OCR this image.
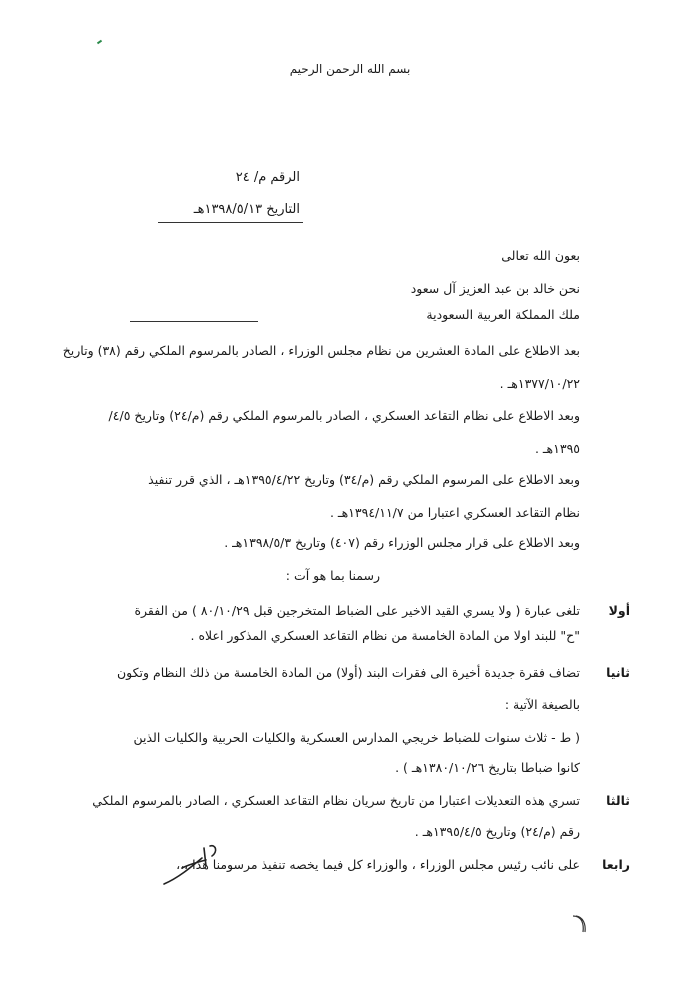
بسم الله الرحمن الرحيم
الرقم م/ ٢٤
التاريخ ١٣٩٨/٥/١٣هـ
بعون الله تعالى
نحن خالد بن عبد العزيز آل سعود
ملك المملكة العربية السعودية
بعد الاطلاع على المادة العشرين من نظام مجلس الوزراء ، الصادر بالمرسوم الملكي رقم (٣٨) وتاريخ
١٣٧٧/١٠/٢٢هـ .
وبعد الاطلاع على نظام التقاعد العسكري ، الصادر بالمرسوم الملكي رقم (م/٢٤) وتاريخ ٤/٥/
١٣٩٥هـ .
وبعد الاطلاع على المرسوم الملكي رقم (م/٣٤) وتاريخ ١٣٩٥/٤/٢٢هـ ، الذي قرر تنفيذ
نظام التقاعد العسكري اعتبارا من ١٣٩٤/١١/٧هـ .
وبعد الاطلاع على قرار مجلس الوزراء رقم (٤٠٧) وتاريخ ١٣٩٨/٥/٣هـ .
رسمنا بما هو آت :
أولا
تلغى عبارة ( ولا يسري القيد الاخير على الضباط المتخرجين قبل ٨٠/١٠/٢٩ ) من الفقرة
"ح" للبند اولا من المادة الخامسة من نظام التقاعد العسكري المذكور اعلاه .
ثانيا
تضاف فقرة جديدة أخيرة الى فقرات البند (أولا) من المادة الخامسة من ذلك النظام وتكون
بالصيغة الآتية :
( ط - ثلاث سنوات للضباط خريجي المدارس العسكرية والكليات الحربية والكليات الذين
كانوا ضباطا بتاريخ ١٣٨٠/١٠/٢٦هـ ) .
ثالثا
تسري هذه التعديلات اعتبارا من تاريخ سريان نظام التقاعد العسكري ، الصادر بالمرسوم الملكي
رقم (م/٢٤) وتاريخ ١٣٩٥/٤/٥هـ .
رابعا
على نائب رئيس مجلس الوزراء ، والوزراء كل فيما يخصه تنفيذ مرسومنا هذا ،،،
